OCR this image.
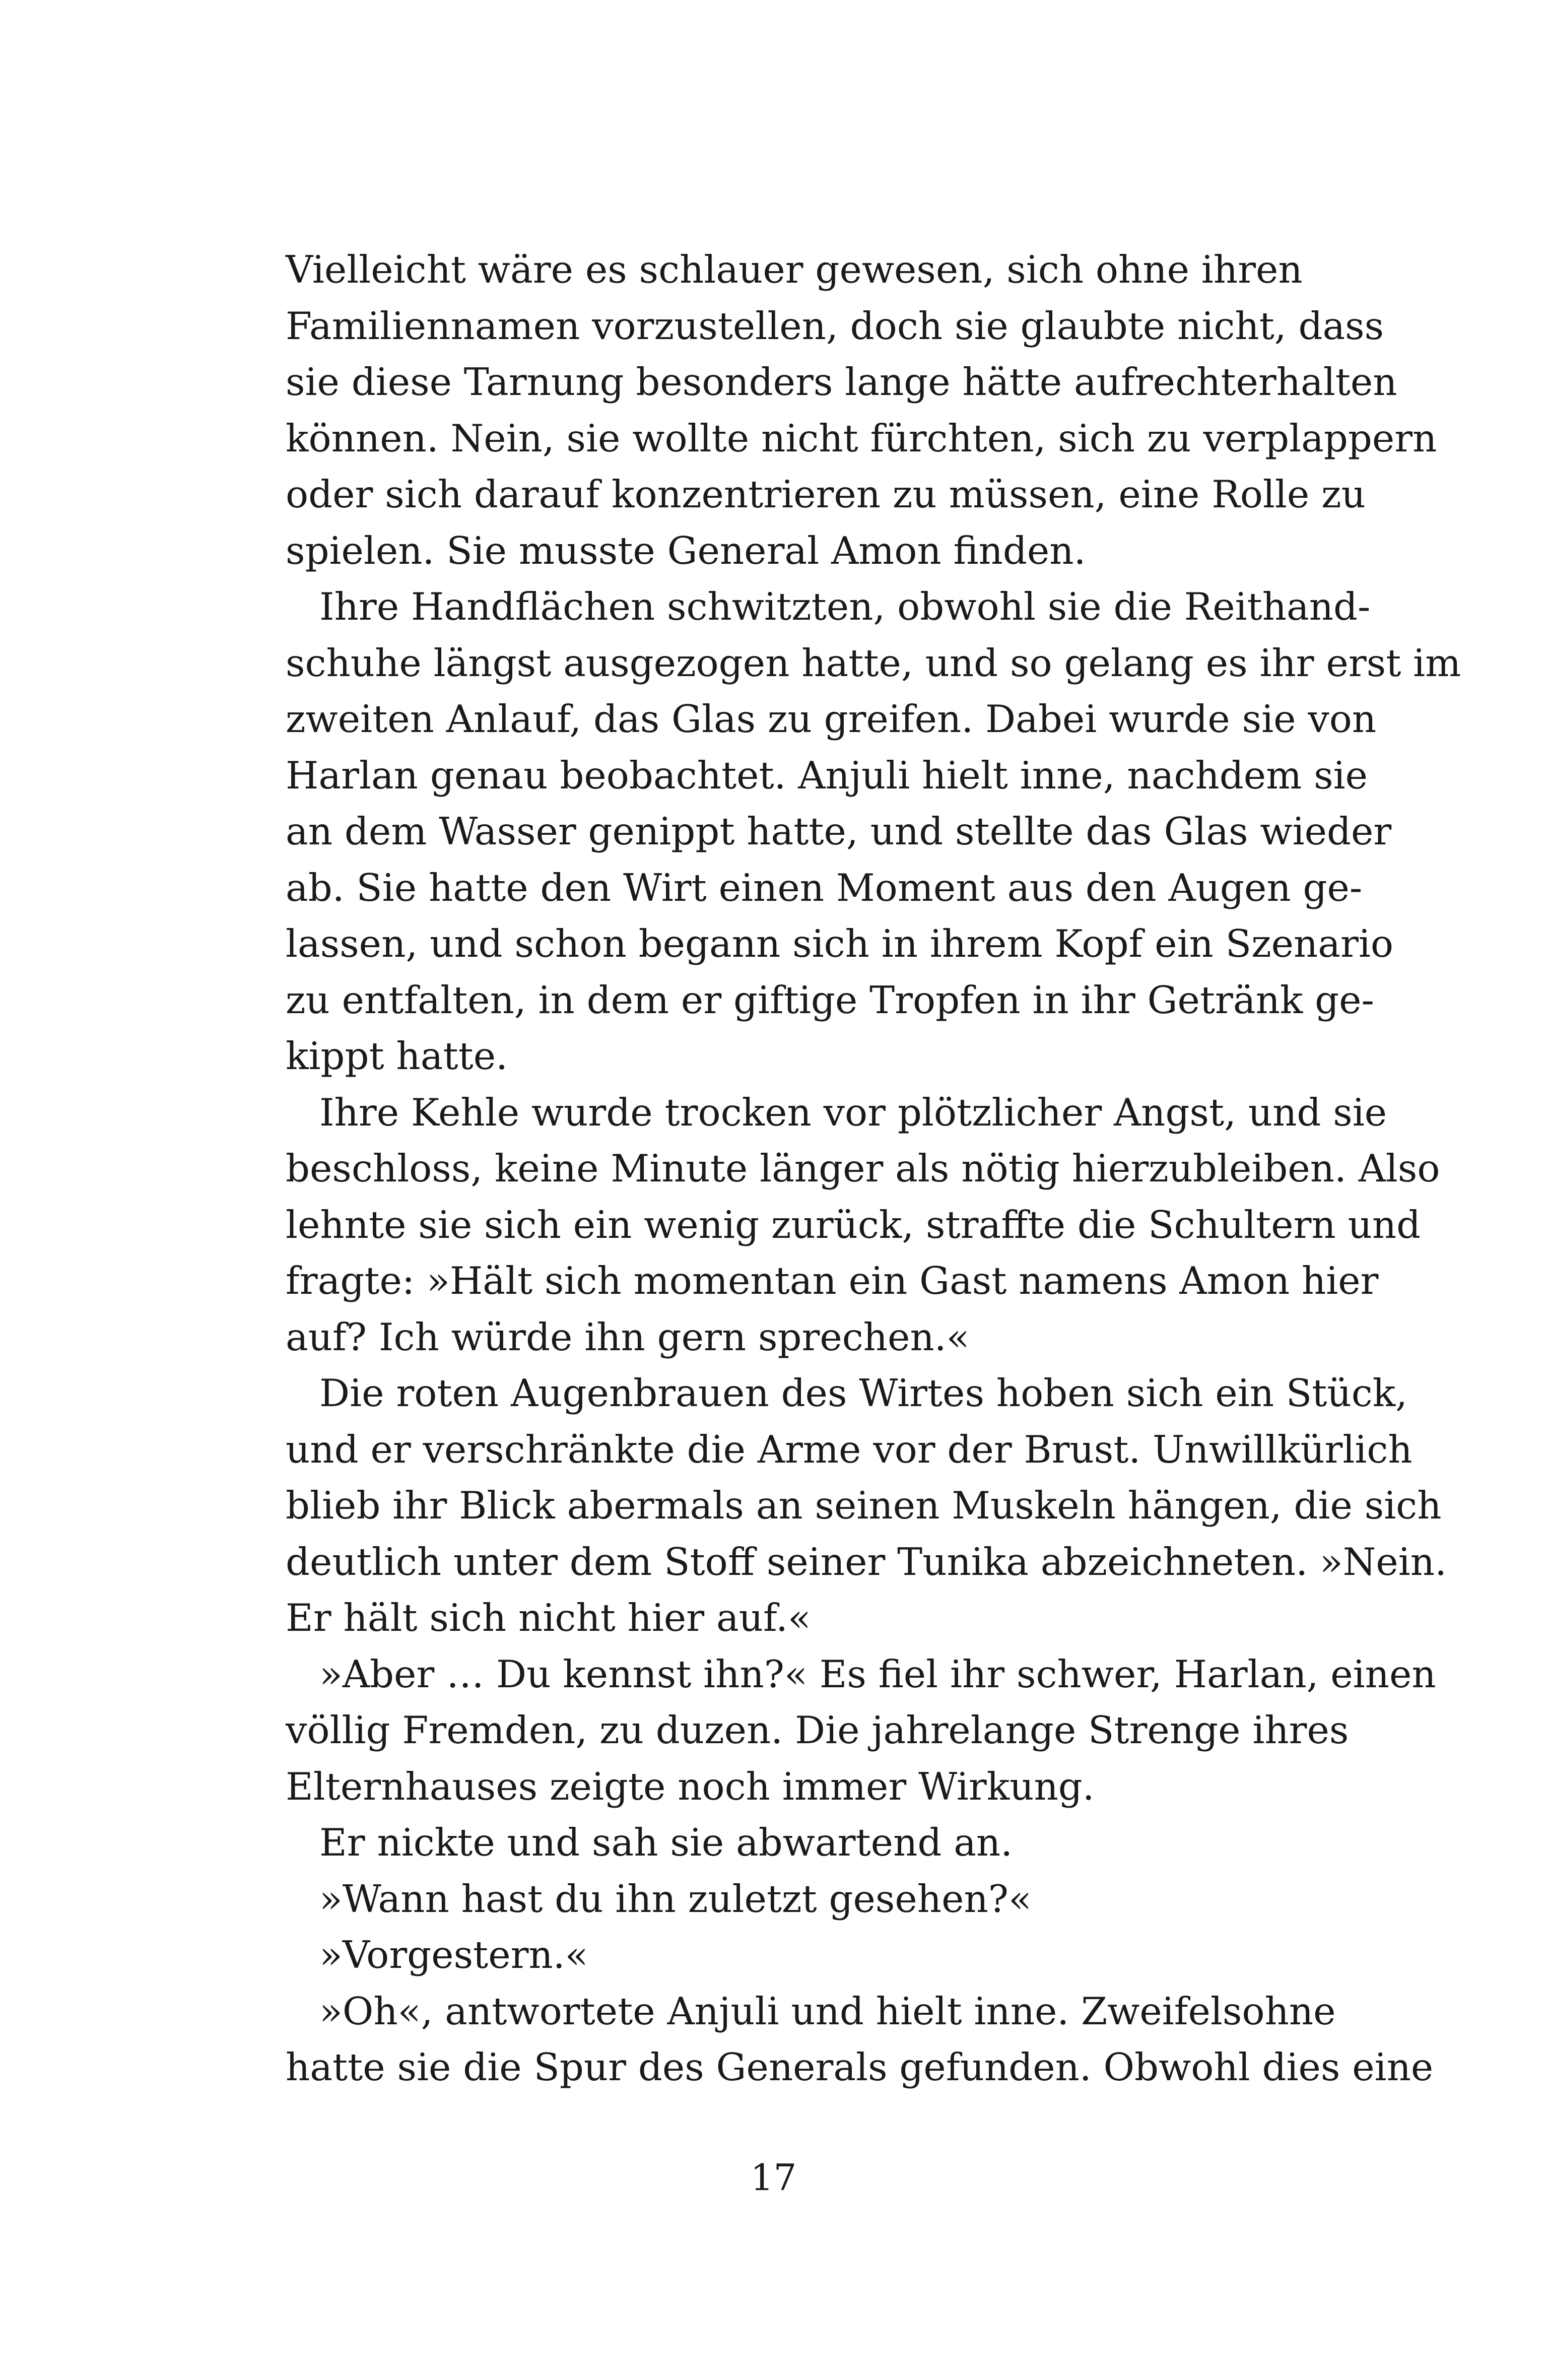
Vielleicht wäre es schlauer gewesen, sich ohne ihren
Familiennamen vorzustellen, doch sie glaubte nicht, dass
sie diese Tarnung besonders lange hätte aufrechterhalten
können. Nein, sie wollte nicht fürchten, sich zu verplappern
oder sich darauf konzentrieren zu müssen, eine Rolle zu
spielen. Sie musste General Amon finden.
Ihre Handflächen schwitzten, obwohl sie die Reithand-
schuhe längst ausgezogen hatte, und so gelang es ihr erst im
zweiten Anlauf, das Glas zu greifen. Dabei wurde sie von
Harlan genau beobachtet. Anjuli hielt inne, nachdem sie
an dem Wasser genippt hatte, und stellte das Glas wieder
ab. Sie hatte den Wirt einen Moment aus den Augen ge-
lassen, und schon begann sich in ihrem Kopf ein Szenario
zu entfalten, in dem er giftige Tropfen in ihr Getränk ge-
kippt hatte.
Ihre Kehle wurde trocken vor plötzlicher Angst, und sie
beschloss, keine Minute länger als nötig hierzubleiben. Also
lehnte sie sich ein wenig zurück, straffte die Schultern und
fragte: »Hält sich momentan ein Gast namens Amon hier
auf? Ich würde ihn gern sprechen.«
Die roten Augenbrauen des Wirtes hoben sich ein Stück,
und er verschränkte die Arme vor der Brust. Unwillkürlich
blieb ihr Blick abermals an seinen Muskeln hängen, die sich
deutlich unter dem Stoff seiner Tunika abzeichneten. »Nein.
Er hält sich nicht hier auf.«
»Aber … Du kennst ihn?« Es fiel ihr schwer, Harlan, einen
völlig Fremden, zu duzen. Die jahrelange Strenge ihres
Elternhauses zeigte noch immer Wirkung.
Er nickte und sah sie abwartend an.
»Wann hast du ihn zuletzt gesehen?«
»Vorgestern.«
»Oh«, antwortete Anjuli und hielt inne. Zweifelsohne
hatte sie die Spur des Generals gefunden. Obwohl dies eine
17
